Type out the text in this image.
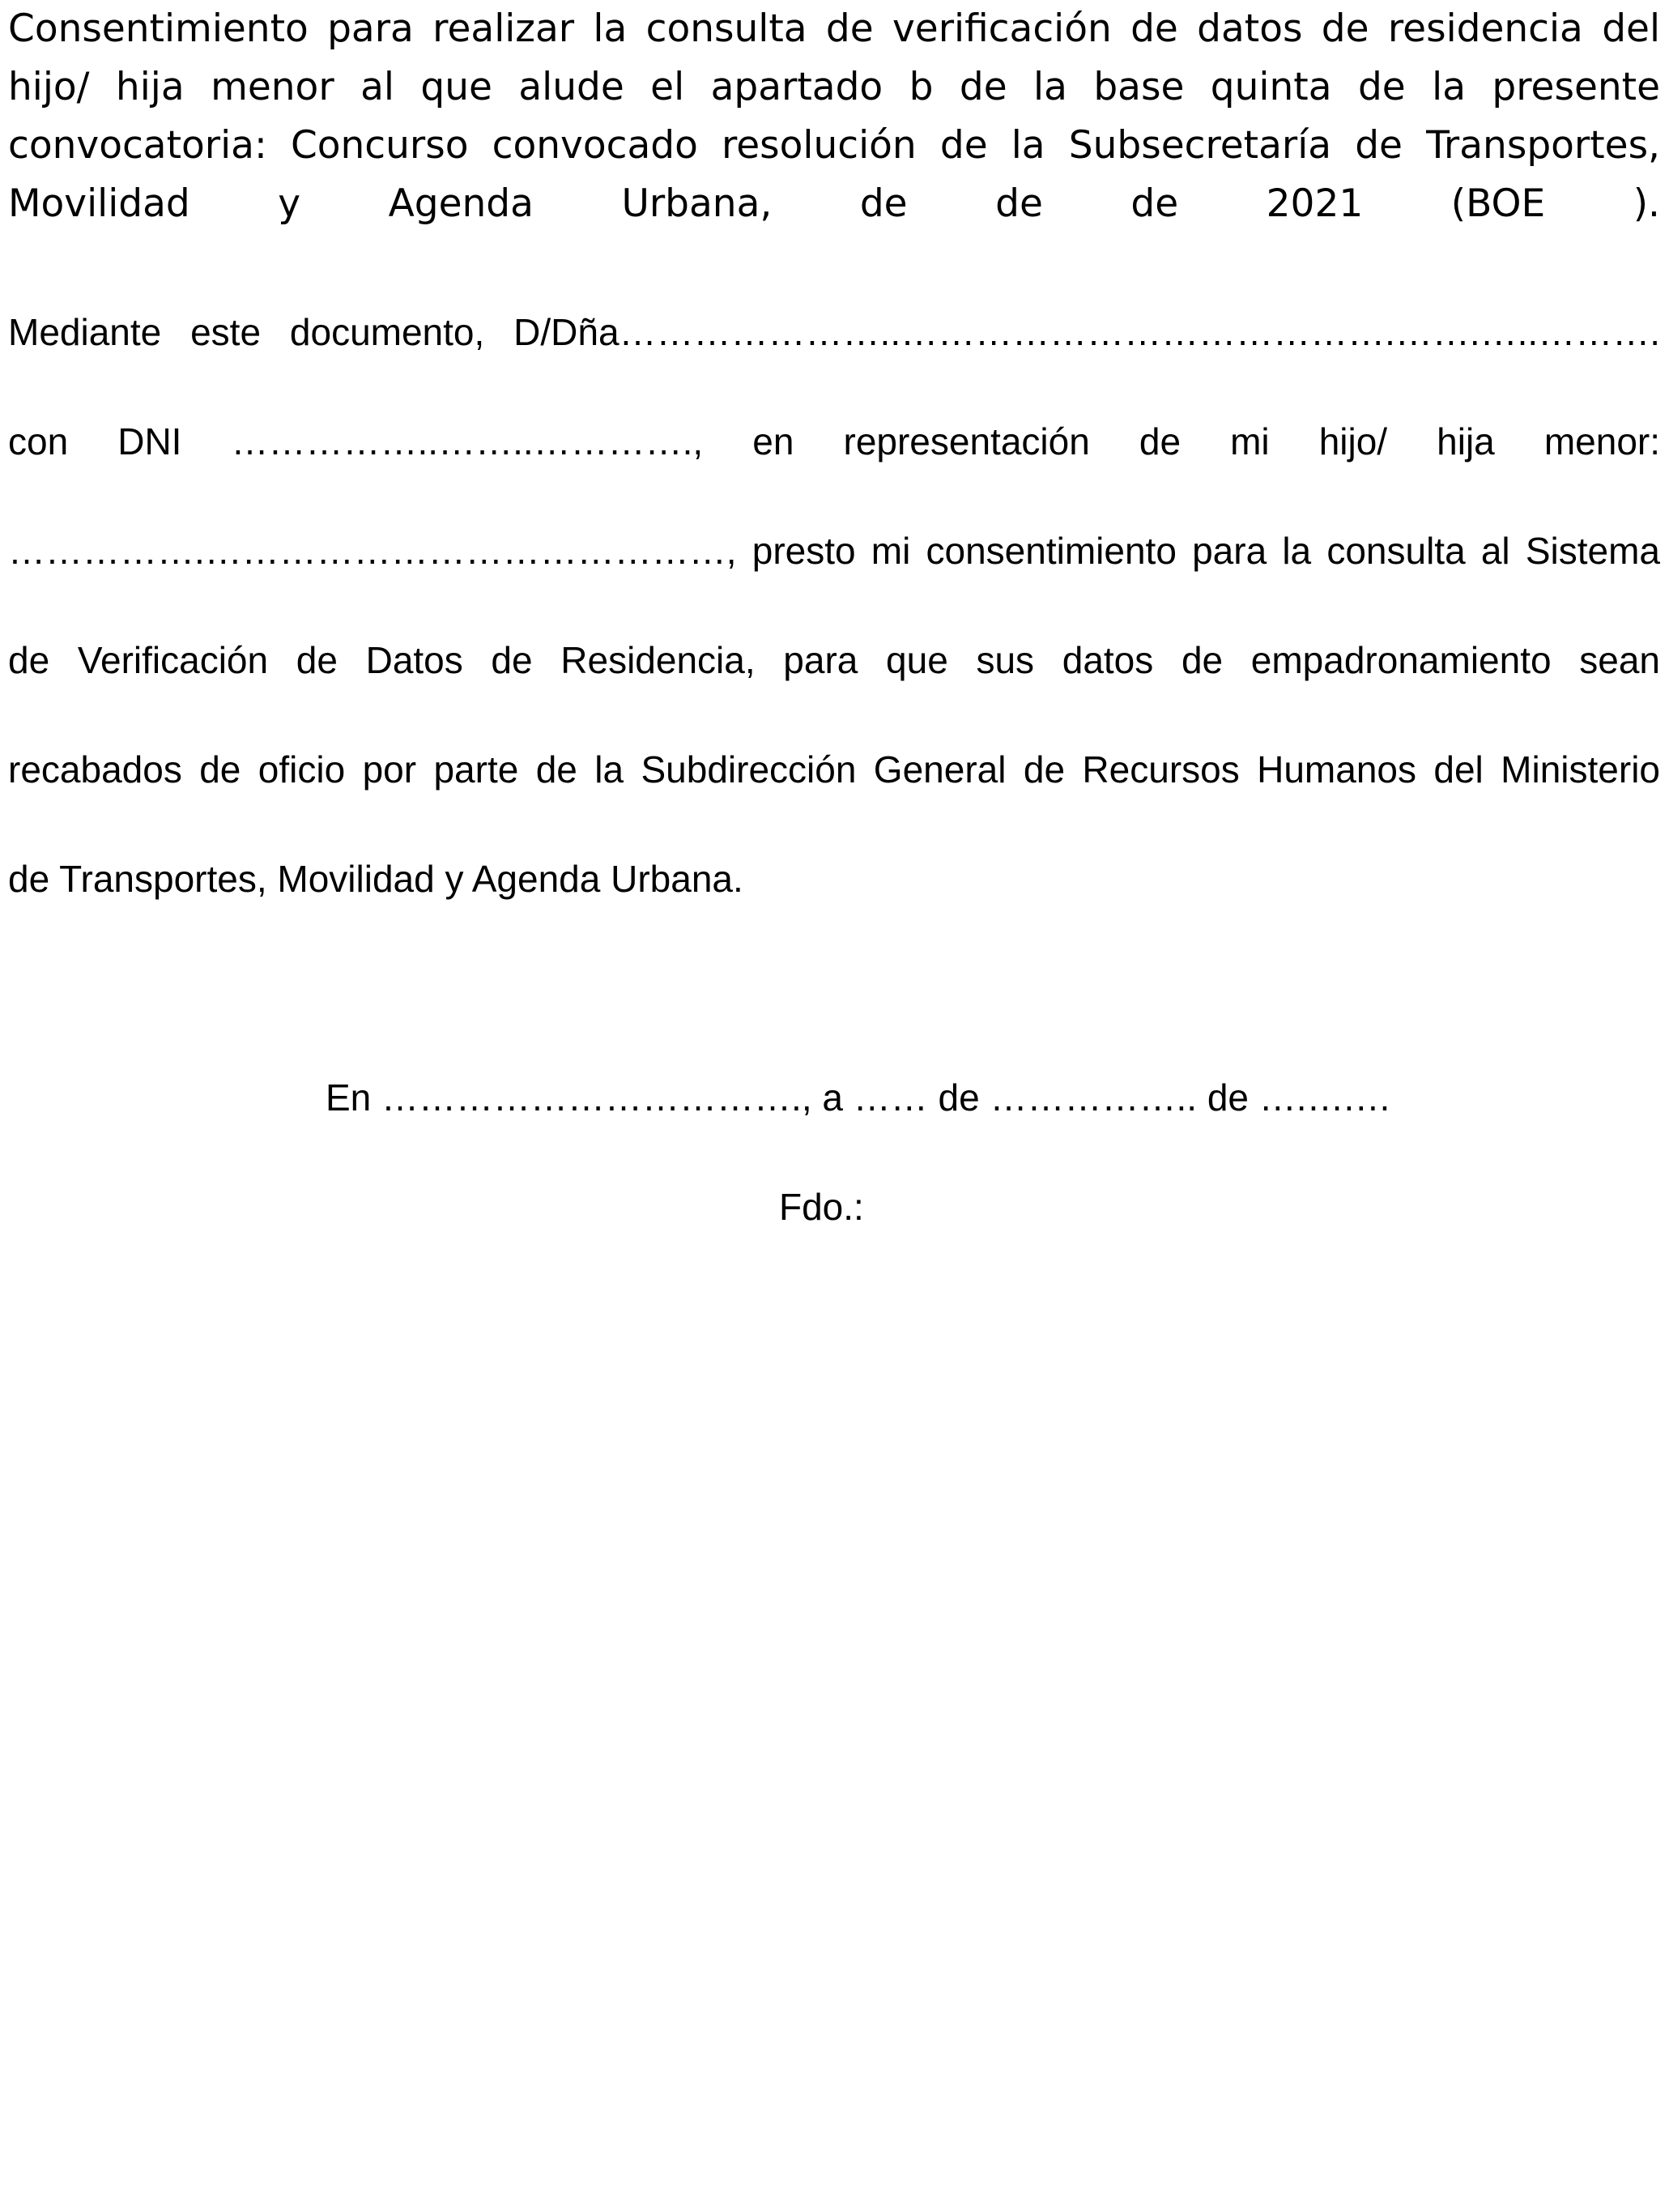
Consentimiento para realizar la consulta de verificación de datos de residencia del
hijo/ hija menor al que alude el apartado b de la base quinta de la presente
convocatoria: Concurso convocado resolución de la Subsecretaría de Transportes,
Movilidad y Agenda Urbana, de de de 2021 (BOE ).
Mediante este documento, D/Dña…………………..………………………………….…….…..……….
con DNI ……………..……..…………., en representación de mi hijo/ hija menor:
…………….……………………………………, presto mi consentimiento para la consulta al Sistema
de Verificación de Datos de Residencia, para que sus datos de empadronamiento sean
recabados de oficio por parte de la Subdirección General de Recursos Humanos del Ministerio
de Transportes, Movilidad y Agenda Urbana.
En ……………………………., a …… de …………….. de ….….…
Fdo.:
